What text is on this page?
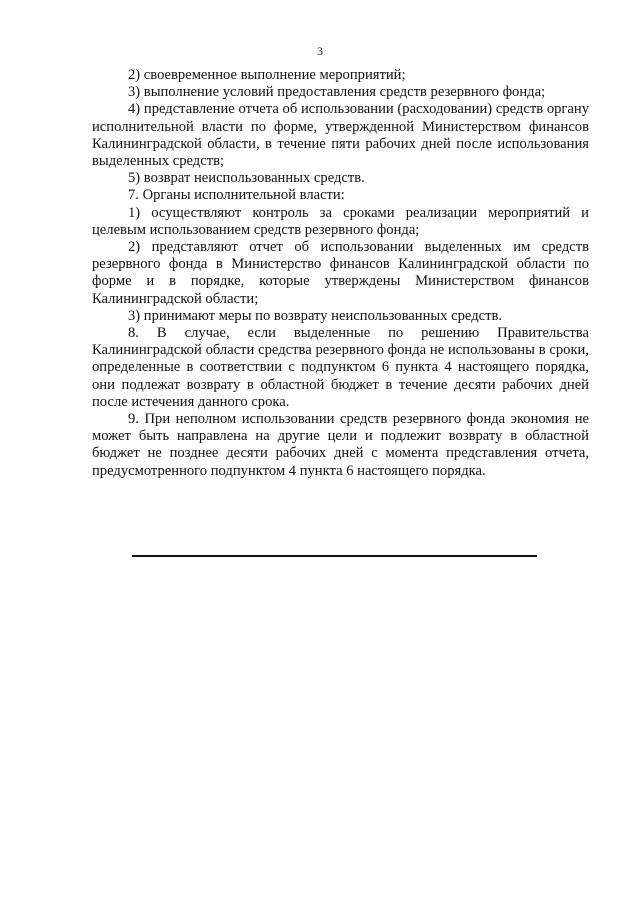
3

2) своевременное выполнение мероприятий;

3) выполнение условий предоставления средств резервного фонда;

4) представление отчета об использовании (расходовании) средств органу исполнительной власти по форме, утвержденной Министерством финансов Калининградской области, в течение пяти рабочих дней после использования выделенных средств;

5) возврат неиспользованных средств.

7. Органы исполнительной власти:

1) осуществляют контроль за сроками реализации мероприятий и целевым использованием средств резервного фонда;

2) представляют отчет об использовании выделенных им средств резервного фонда в Министерство финансов Калининградской области по форме и в порядке, которые утверждены Министерством финансов Калининградской области;

3) принимают меры по возврату неиспользованных средств.

8. В случае, если выделенные по решению Правительства Калининградской области средства резервного фонда не использованы в сроки, определенные в соответствии с подпунктом 6 пункта 4 настоящего порядка, они подлежат возврату в областной бюджет в течение десяти рабочих дней после истечения данного срока.

9. При неполном использовании средств резервного фонда экономия не может быть направлена на другие цели и подлежит возврату в областной бюджет не позднее десяти рабочих дней с момента представления отчета, предусмотренного подпунктом 4 пункта 6 настоящего порядка.
